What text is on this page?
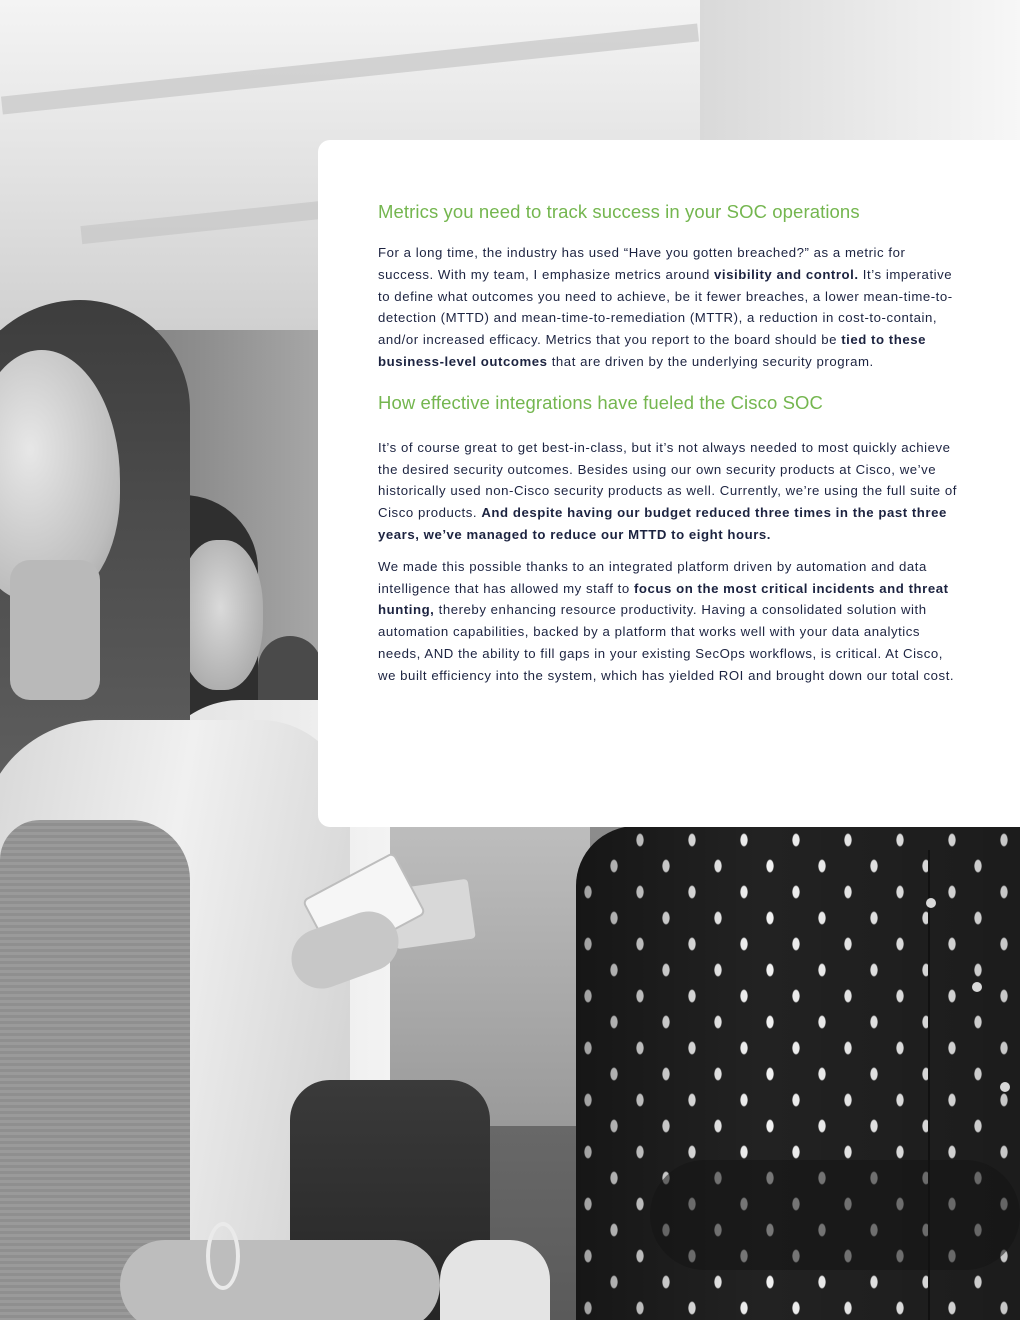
Metrics you need to track success in your SOC operations

For a long time, the industry has used “Have you gotten breached?” as a metric for success. With my team, I emphasize metrics around visibility and control. It’s imperative to define what outcomes you need to achieve, be it fewer breaches, a lower mean-time-to-detection (MTTD) and mean-time-to-remediation (MTTR), a reduction in cost-to-contain, and/or increased efficacy. Metrics that you report to the board should be tied to these business-level outcomes that are driven by the underlying security program.

How effective integrations have fueled the Cisco SOC

It’s of course great to get best-in-class, but it’s not always needed to most quickly achieve the desired security outcomes. Besides using our own security products at Cisco, we’ve historically used non-Cisco security products as well. Currently, we’re using the full suite of Cisco products. And despite having our budget reduced three times in the past three years, we’ve managed to reduce our MTTD to eight hours.

We made this possible thanks to an integrated platform driven by automation and data intelligence that has allowed my staff to focus on the most critical incidents and threat hunting, thereby enhancing resource productivity. Having a consolidated solution with automation capabilities, backed by a platform that works well with your data analytics needs, AND the ability to fill gaps in your existing SecOps workflows, is critical. At Cisco, we built efficiency into the system, which has yielded ROI and brought down our total cost.
